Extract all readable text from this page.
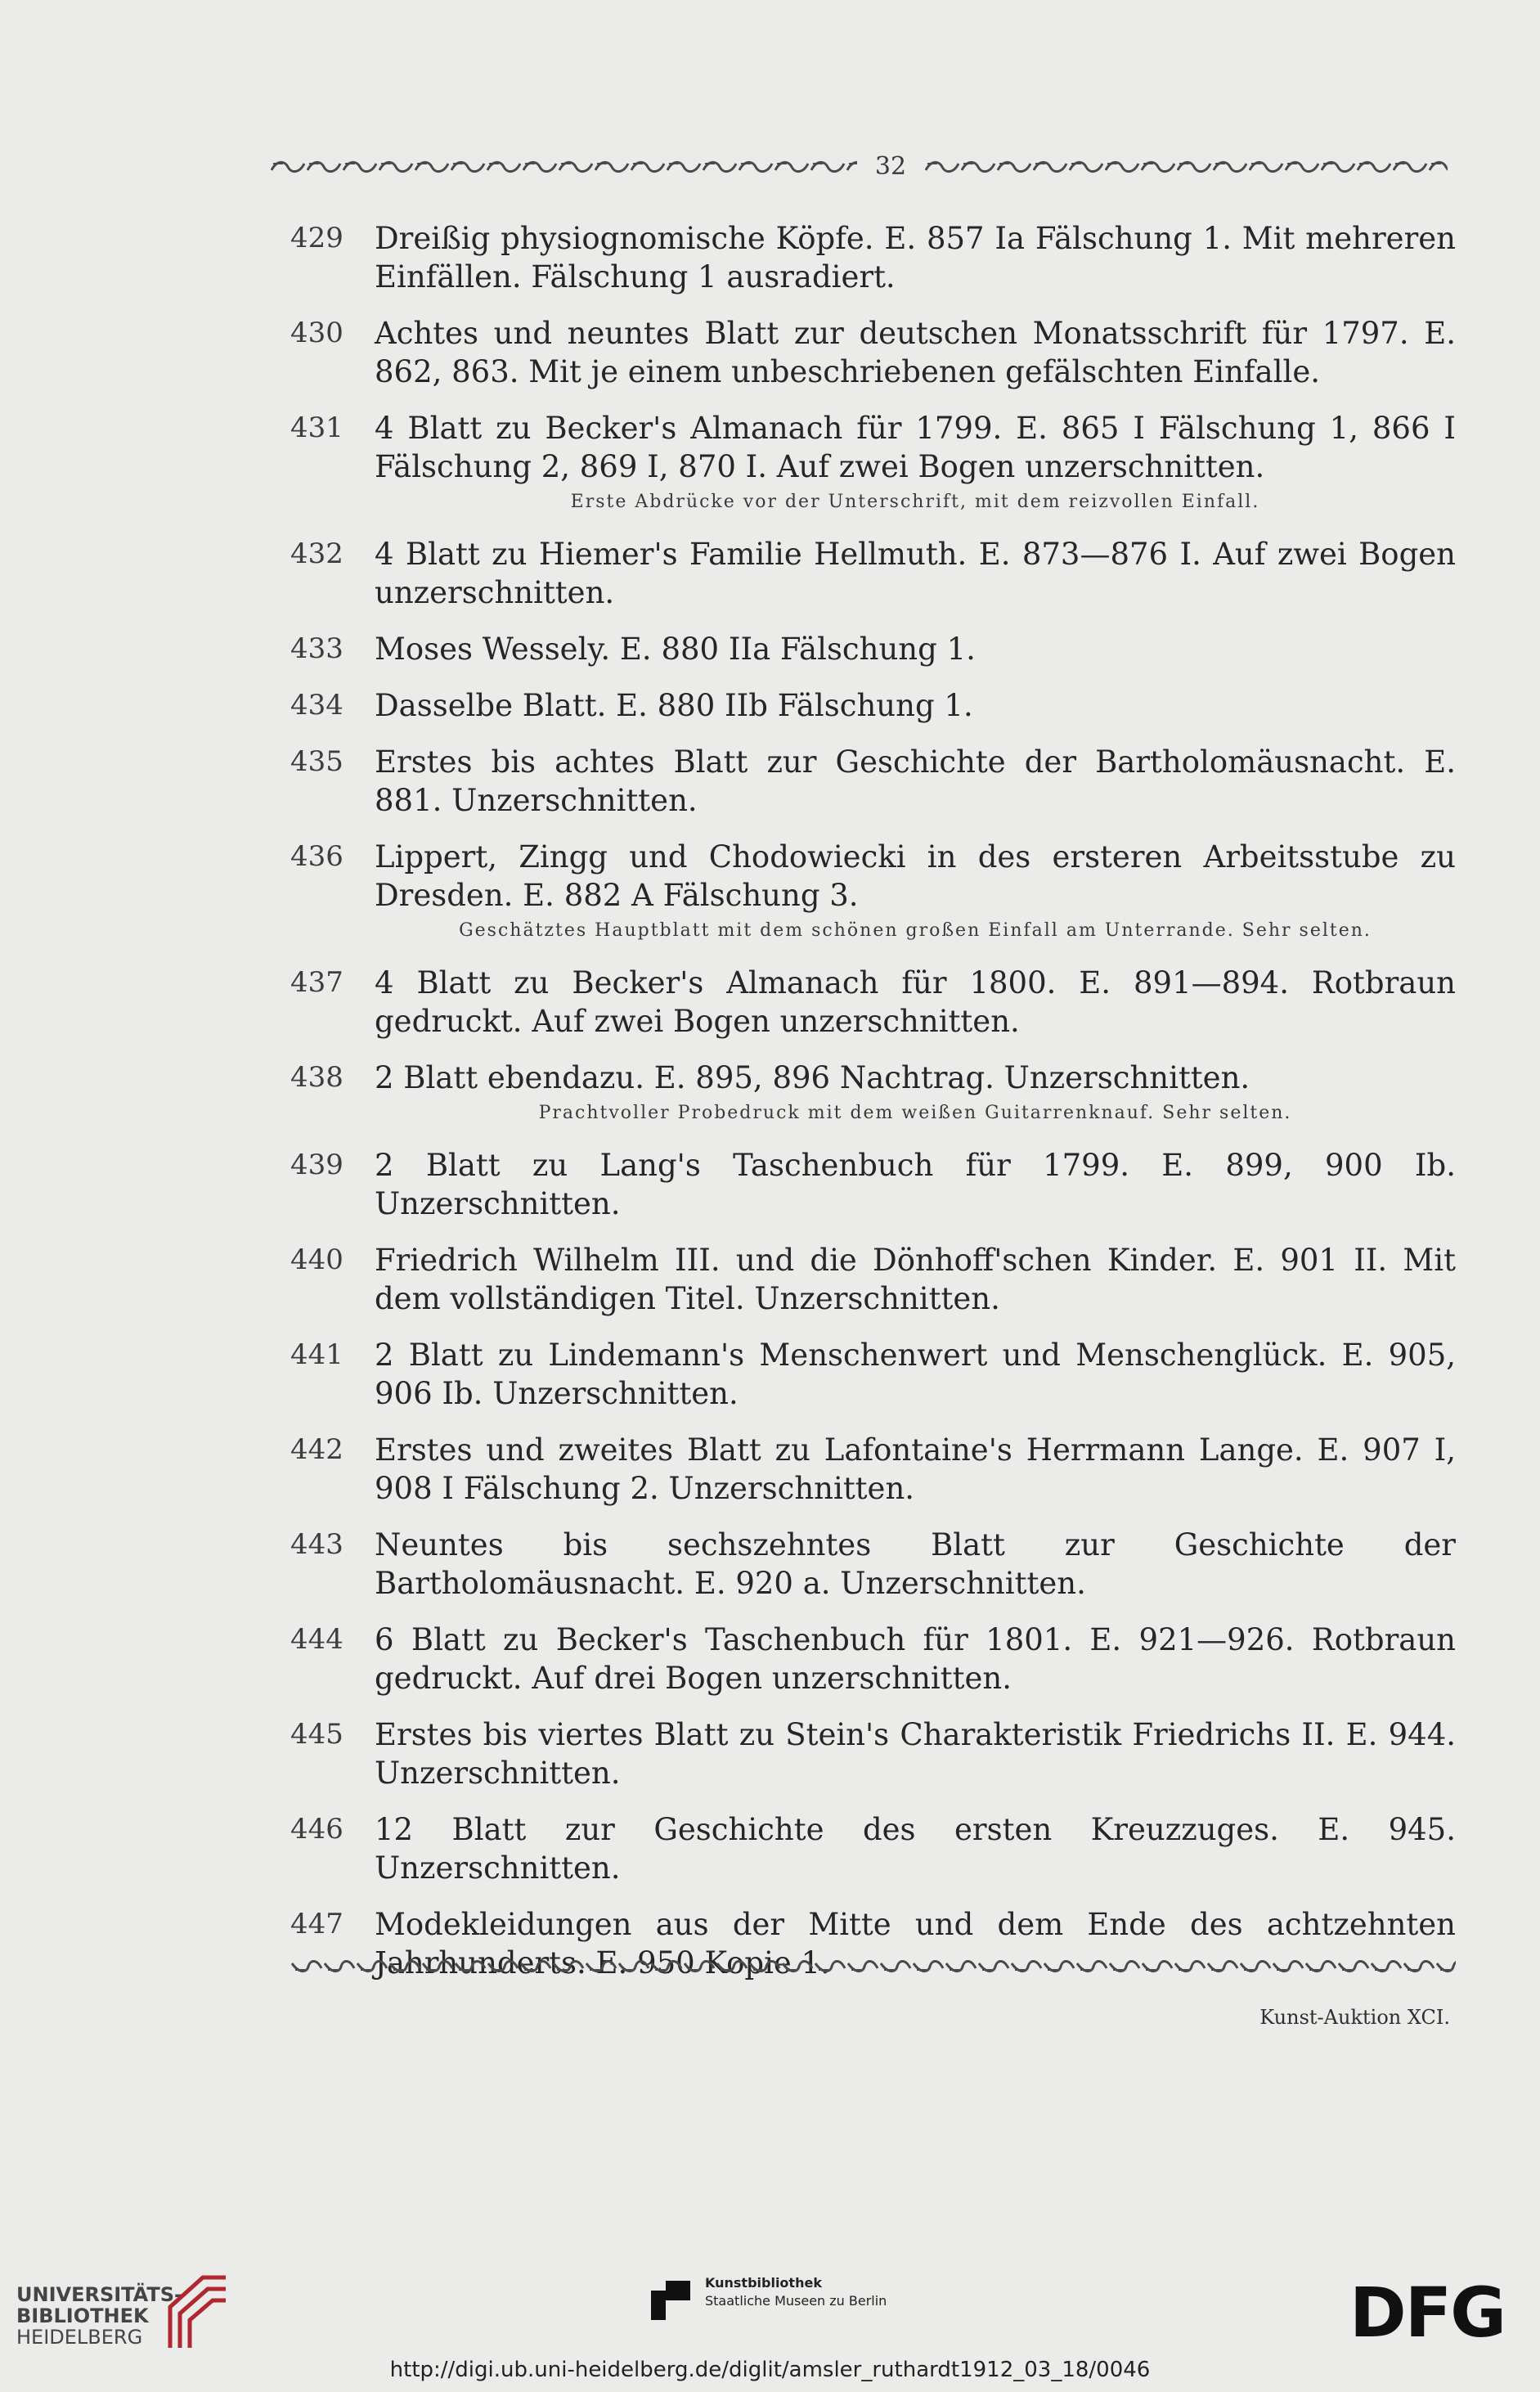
32
429	Dreißig physiognomische Köpfe. E. 857 Ia Fälschung 1. Mit mehreren Einfällen. Fälschung 1 ausradiert.
430	Achtes und neuntes Blatt zur deutschen Monatsschrift für 1797. E. 862, 863. Mit je einem unbeschriebenen gefälschten Einfalle.
431	4 Blatt zu Becker's Almanach für 1799. E. 865 I Fälschung 1, 866 I Fälschung 2, 869 I, 870 I. Auf zwei Bogen unzerschnitten.
Erste Abdrücke vor der Unterschrift, mit dem reizvollen Einfall.
432	4 Blatt zu Hiemer's Familie Hellmuth. E. 873—876 I. Auf zwei Bogen unzerschnitten.
433	Moses Wessely. E. 880 IIa Fälschung 1.
434	Dasselbe Blatt. E. 880 IIb Fälschung 1.
435	Erstes bis achtes Blatt zur Geschichte der Bartholomäusnacht. E. 881. Unzerschnitten.
436	Lippert, Zingg und Chodowiecki in des ersteren Arbeitsstube zu Dresden. E. 882 A Fälschung 3.
Geschätztes Hauptblatt mit dem schönen großen Einfall am Unterrande. Sehr selten.
437	4 Blatt zu Becker's Almanach für 1800. E. 891—894. Rotbraun gedruckt. Auf zwei Bogen unzerschnitten.
438	2 Blatt ebendazu. E. 895, 896 Nachtrag. Unzerschnitten.
Prachtvoller Probedruck mit dem weißen Guitarrenknauf. Sehr selten.
439	2 Blatt zu Lang's Taschenbuch für 1799. E. 899, 900 Ib. Unzerschnitten.
440	Friedrich Wilhelm III. und die Dönhoff'schen Kinder. E. 901 II. Mit dem vollständigen Titel. Unzerschnitten.
441	2 Blatt zu Lindemann's Menschenwert und Menschenglück. E. 905, 906 Ib. Unzerschnitten.
442	Erstes und zweites Blatt zu Lafontaine's Herrmann Lange. E. 907 I, 908 I Fälschung 2. Unzerschnitten.
443	Neuntes bis sechszehntes Blatt zur Geschichte der Bartholomäusnacht. E. 920 a. Unzerschnitten.
444	6 Blatt zu Becker's Taschenbuch für 1801. E. 921—926. Rotbraun gedruckt. Auf drei Bogen unzerschnitten.
445	Erstes bis viertes Blatt zu Stein's Charakteristik Friedrichs II. E. 944. Unzerschnitten.
446	12 Blatt zur Geschichte des ersten Kreuzzuges. E. 945. Unzerschnitten.
447	Modekleidungen aus der Mitte und dem Ende des achtzehnten
Kunst-Auktion XCI.
UNIVERSITÄTS-
BIBLIOTHEK
HEIDELBERG
Kunstbibliothek
Staatliche Museen zu Berlin	DFG
http://digi.ub.uni-heidelberg.de/diglit/amsler_ruthardt1912_03_18/0046
